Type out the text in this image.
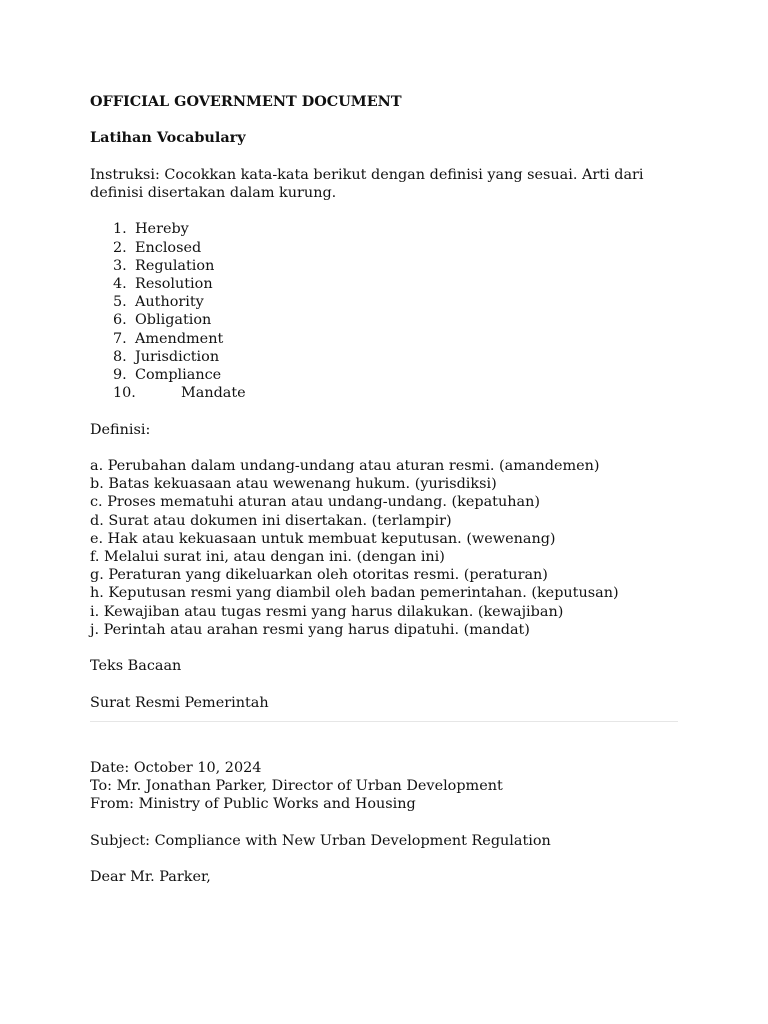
OFFICIAL GOVERNMENT DOCUMENT

Latihan Vocabulary

Instruksi: Cocokkan kata-kata berikut dengan definisi yang sesuai. Arti dari definisi disertakan dalam kurung.

1. Hereby
2. Enclosed
3. Regulation
4. Resolution
5. Authority
6. Obligation
7. Amendment
8. Jurisdiction
9. Compliance
10.	Mandate

Definisi:

a. Perubahan dalam undang-undang atau aturan resmi. (amandemen)

b. Batas kekuasaan atau wewenang hukum. (yurisdiksi)

c. Proses mematuhi aturan atau undang-undang. (kepatuhan)

d. Surat atau dokumen ini disertakan. (terlampir)

e. Hak atau kekuasaan untuk membuat keputusan. (wewenang)

f. Melalui surat ini, atau dengan ini. (dengan ini)

g. Peraturan yang dikeluarkan oleh otoritas resmi. (peraturan)

h. Keputusan resmi yang diambil oleh badan pemerintahan. (keputusan)

i. Kewajiban atau tugas resmi yang harus dilakukan. (kewajiban)

j. Perintah atau arahan resmi yang harus dipatuhi. (mandat)

Teks Bacaan

Surat Resmi Pemerintah

Date: October 10, 2024

To: Mr. Jonathan Parker, Director of Urban Development

From: Ministry of Public Works and Housing

Subject: Compliance with New Urban Development Regulation

Dear Mr. Parker,
